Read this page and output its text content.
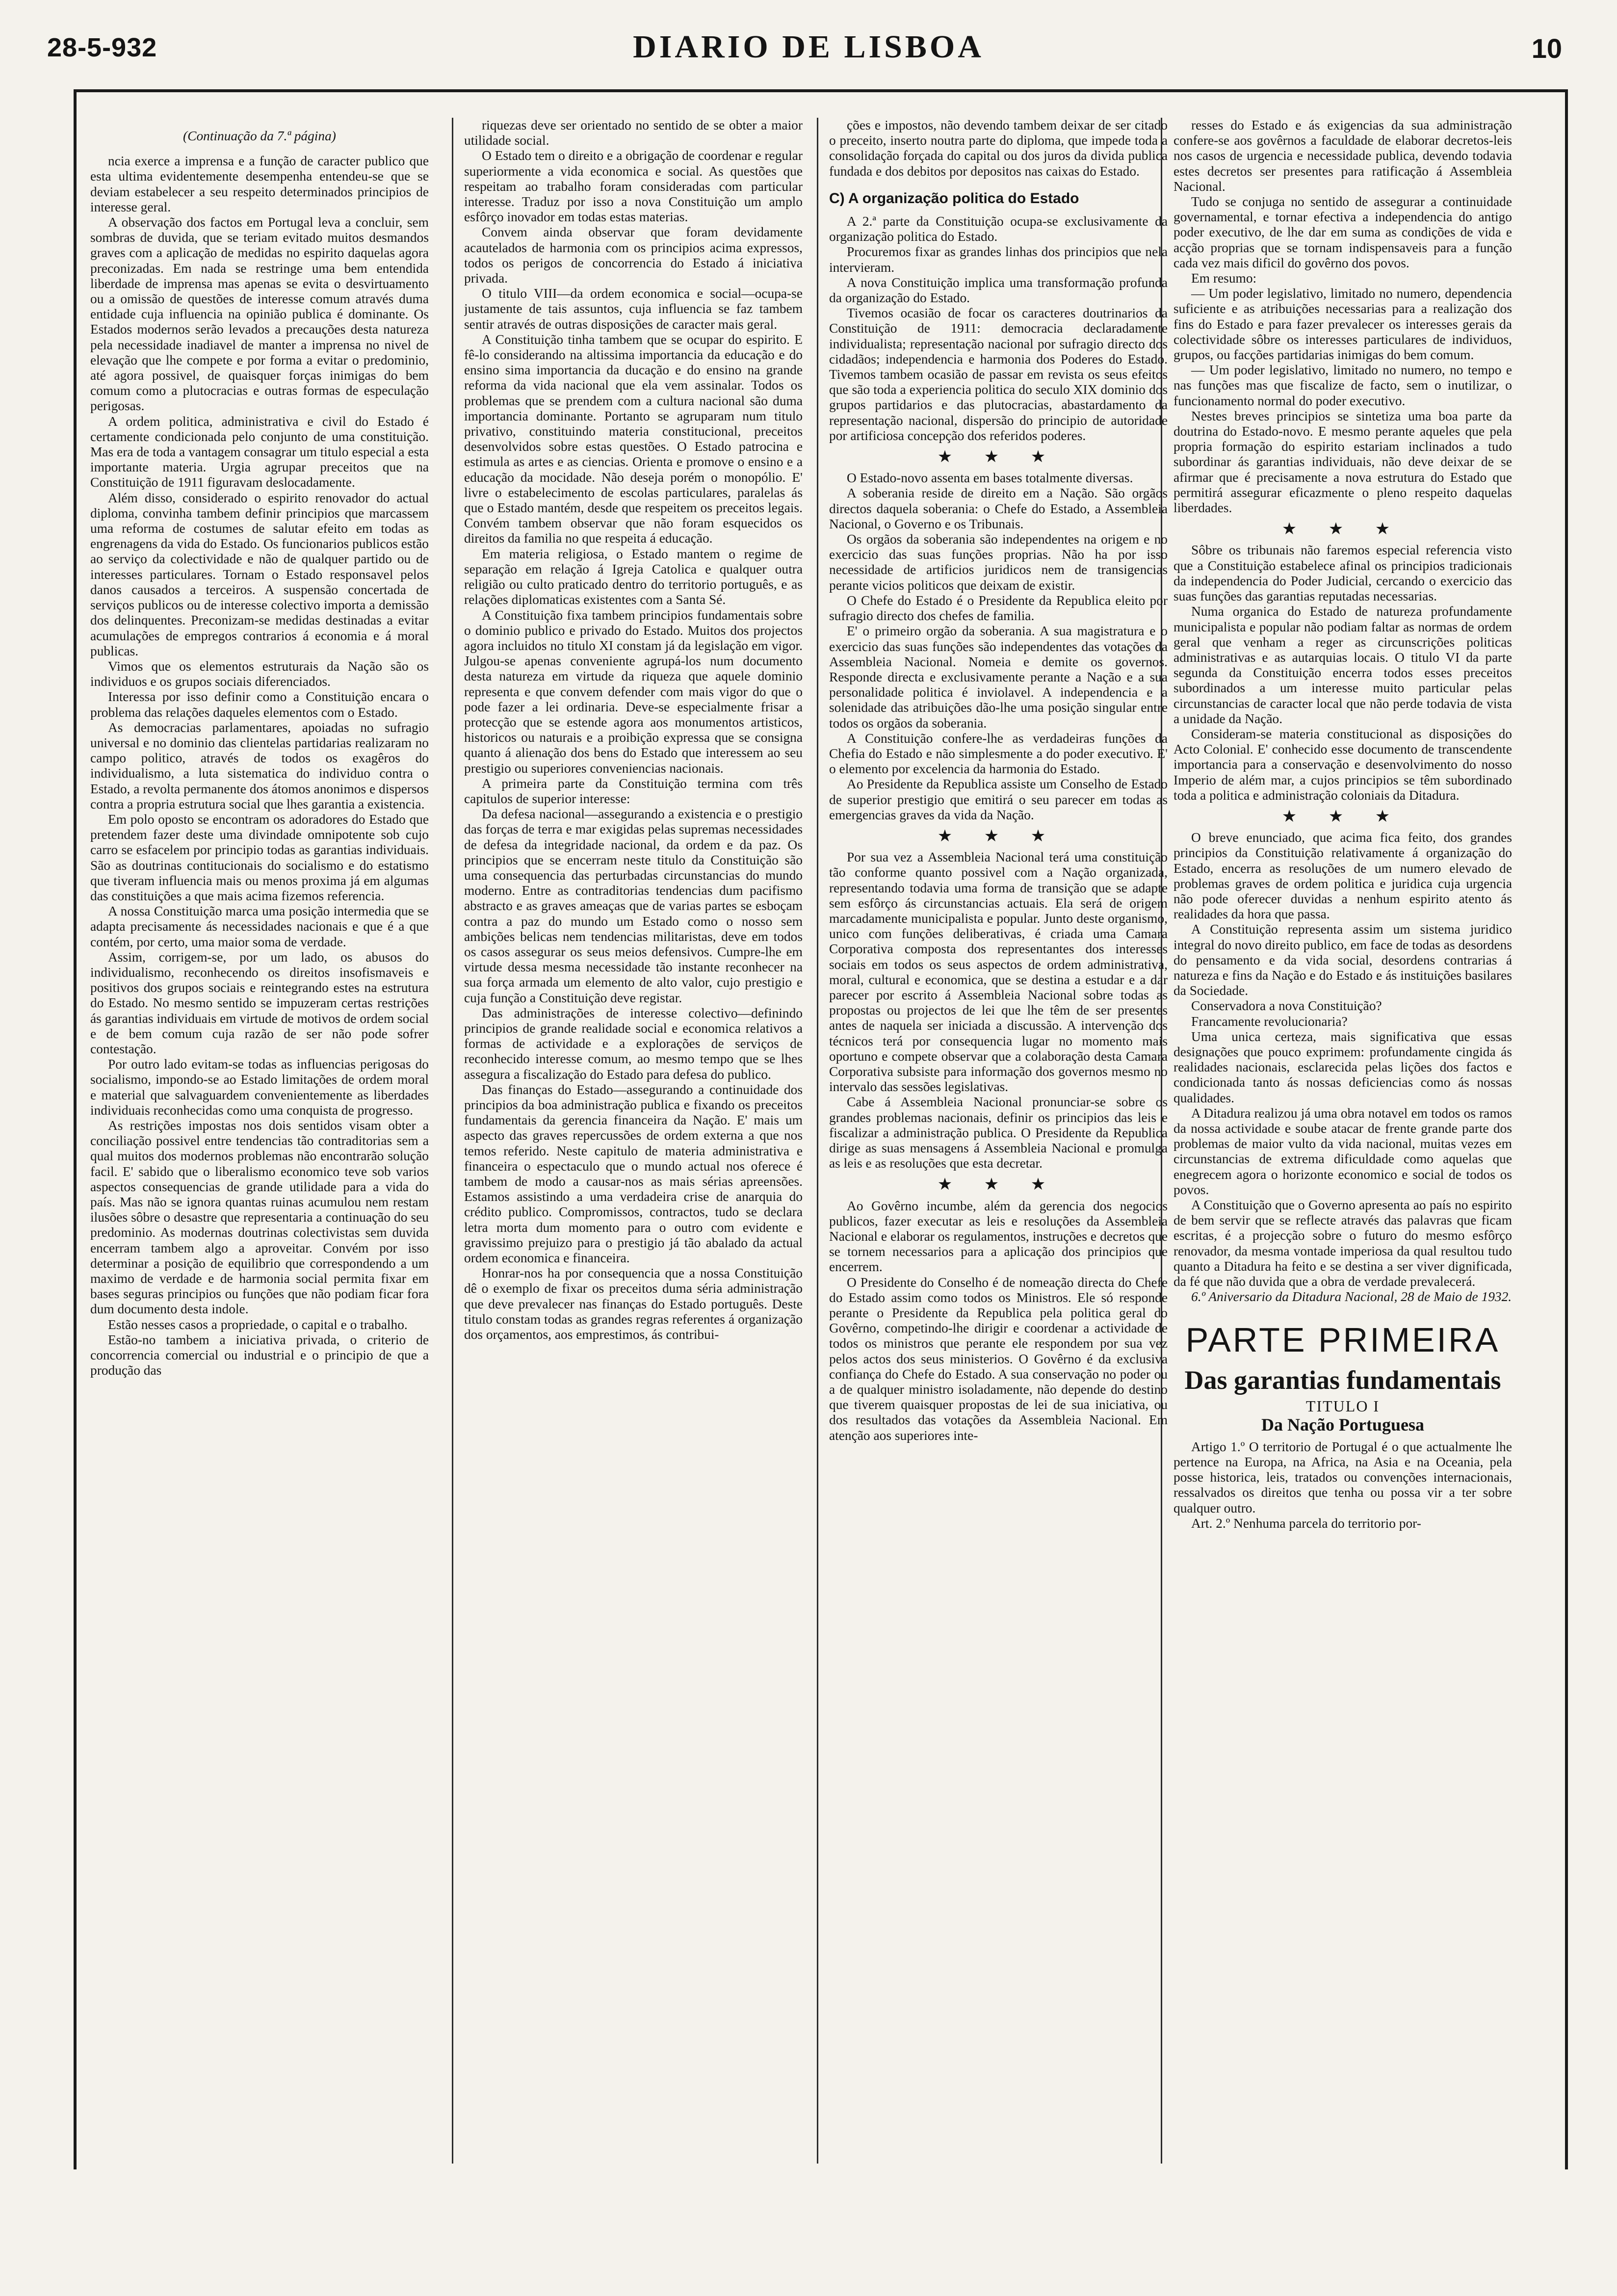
28-5-932	DIARIO DE LISBOA	10

(Continuação da 7.ª página)

ncia exerce a imprensa e a função de caracter publico que esta ultima evidentemente desempenha entendeu-se que se deviam estabelecer a seu respeito determinados principios de interesse geral.

A observação dos factos em Portugal leva a concluir, sem sombras de duvida, que se teriam evitado muitos desmandos graves com a aplicação de medidas no espirito daquelas agora preconizadas. Em nada se restringe uma bem entendida liberdade de imprensa mas apenas se evita o desvirtuamento ou a omissão de questões de interesse comum através duma entidade cuja influencia na opinião publica é dominante. Os Estados modernos serão levados a precauções desta natureza pela necessidade inadiavel de manter a imprensa no nivel de elevação que lhe compete e por forma a evitar o predominio, até agora possivel, de quaisquer forças inimigas do bem comum como a plutocracias e outras formas de especulação perigosas.

A ordem politica, administrativa e civil do Estado é certamente condicionada pelo conjunto de uma constituição. Mas era de toda a vantagem consagrar um titulo especial a esta importante materia. Urgia agrupar preceitos que na Constituição de 1911 figuravam deslocadamente.

Além disso, considerado o espirito renovador do actual diploma, convinha tambem definir principios que marcassem uma reforma de costumes de salutar efeito em todas as engrenagens da vida do Estado. Os funcionarios publicos estão ao serviço da colectividade e não de qualquer partido ou de interesses particulares. Tornam o Estado responsavel pelos danos causados a terceiros. A suspensão concertada de serviços publicos ou de interesse colectivo importa a demissão dos delinquentes. Preconizam-se medidas destinadas a evitar acumulações de empregos contrarios á economia e á moral publicas.

Vimos que os elementos estruturais da Nação são os individuos e os grupos sociais diferenciados.

Interessa por isso definir como a Constituição encara o problema das relações daqueles elementos com o Estado.

As democracias parlamentares, apoiadas no sufragio universal e no dominio das clientelas partidarias realizaram no campo politico, através de todos os exagêros do individualismo, a luta sistematica do individuo contra o Estado, a revolta permanente dos átomos anonimos e dispersos contra a propria estrutura social que lhes garantia a existencia.

Em polo oposto se encontram os adoradores do Estado que pretendem fazer deste uma divindade omnipotente sob cujo carro se esfacelem por principio todas as garantias individuais. São as doutrinas contitucionais do socialismo e do estatismo que tiveram influencia mais ou menos proxima já em algumas das constituições a que mais acima fizemos referencia.

A nossa Constituição marca uma posição intermedia que se adapta precisamente ás necessidades nacionais e que é a que contém, por certo, uma maior soma de verdade.

Assim, corrigem-se, por um lado, os abusos do individualismo, reconhecendo os direitos insofismaveis e positivos dos grupos sociais e reintegrando estes na estrutura do Estado. No mesmo sentido se impuzeram certas restrições ás garantias individuais em virtude de motivos de ordem social e de bem comum cuja razão de ser não pode sofrer contestação.

Por outro lado evitam-se todas as influencias perigosas do socialismo, impondo-se ao Estado limitações de ordem moral e material que salvaguardem convenientemente as liberdades individuais reconhecidas como uma conquista de progresso.

As restrições impostas nos dois sentidos visam obter a conciliação possivel entre tendencias tão contraditorias sem a qual muitos dos modernos problemas não encontrarão solução facil. E' sabido que o liberalismo economico teve sob varios aspectos consequencias de grande utilidade para a vida do país. Mas não se ignora quantas ruinas acumulou nem restam ilusões sôbre o desastre que representaria a continuação do seu predominio. As modernas doutrinas colectivistas sem duvida encerram tambem algo a aproveitar. Convém por isso determinar a posição de equilibrio que correspondendo a um maximo de verdade e de harmonia social permita fixar em bases seguras principios ou funções que não podiam ficar fora dum documento desta indole.

Estão nesses casos a propriedade, o capital e o trabalho.

Estão-no tambem a iniciativa privada, o criterio de concorrencia comercial ou industrial e o principio de que a produção das

riquezas deve ser orientado no sentido de se obter a maior utilidade social.

O Estado tem o direito e a obrigação de coordenar e regular superiormente a vida economica e social. As questões que respeitam ao trabalho foram consideradas com particular interesse. Traduz por isso a nova Constituição um amplo esfôrço inovador em todas estas materias.

Convem ainda observar que foram devidamente acautelados de harmonia com os principios acima expressos, todos os perigos de concorrencia do Estado á iniciativa privada.

O titulo VIII—da ordem economica e social—ocupa-se justamente de tais assuntos, cuja influencia se faz tambem sentir através de outras disposições de caracter mais geral.

A Constituição tinha tambem que se ocupar do espirito. E fê-lo considerando na altissima importancia da educação e do ensino sima importancia da ducação e do ensino na grande reforma da vida nacional que ela vem assinalar. Todos os problemas que se prendem com a cultura nacional são duma importancia dominante. Portanto se agruparam num titulo privativo, constituindo materia constitucional, preceitos desenvolvidos sobre estas questões. O Estado patrocina e estimula as artes e as ciencias. Orienta e promove o ensino e a educação da mocidade. Não deseja porém o monopólio. E' livre o estabelecimento de escolas particulares, paralelas ás que o Estado mantém, desde que respeitem os preceitos legais. Convém tambem observar que não foram esquecidos os direitos da familia no que respeita á educação.

Em materia religiosa, o Estado mantem o regime de separação em relação á Igreja Catolica e qualquer outra religião ou culto praticado dentro do territorio português, e as relações diplomaticas existentes com a Santa Sé.

A Constituição fixa tambem principios fundamentais sobre o dominio publico e privado do Estado. Muitos dos projectos agora incluidos no titulo XI constam já da legislação em vigor. Julgou-se apenas conveniente agrupá-los num documento desta natureza em virtude da riqueza que aquele dominio representa e que convem defender com mais vigor do que o pode fazer a lei ordinaria. Deve-se especialmente frisar a protecção que se estende agora aos monumentos artisticos, historicos ou naturais e a proibição expressa que se consigna quanto á alienação dos bens do Estado que interessem ao seu prestigio ou superiores conveniencias nacionais.

A primeira parte da Constituição termina com três capitulos de superior interesse:

Da defesa nacional—assegurando a existencia e o prestigio das forças de terra e mar exigidas pelas supremas necessidades de defesa da integridade nacional, da ordem e da paz. Os principios que se encerram neste titulo da Constituição são uma consequencia das perturbadas circunstancias do mundo moderno. Entre as contraditorias tendencias dum pacifismo abstracto e as graves ameaças que de varias partes se esboçam contra a paz do mundo um Estado como o nosso sem ambições belicas nem tendencias militaristas, deve em todos os casos assegurar os seus meios defensivos. Cumpre-lhe em virtude dessa mesma necessidade tão instante reconhecer na sua força armada um elemento de alto valor, cujo prestigio e cuja função a Constituição deve registar.

Das administrações de interesse colectivo—definindo principios de grande realidade social e economica relativos a formas de actividade e a explorações de serviços de reconhecido interesse comum, ao mesmo tempo que se lhes assegura a fiscalização do Estado para defesa do publico.

Das finanças do Estado—assegurando a continuidade dos principios da boa administração publica e fixando os preceitos fundamentais da gerencia financeira da Nação. E' mais um aspecto das graves repercussões de ordem externa a que nos temos referido. Neste capitulo de materia administrativa e financeira o espectaculo que o mundo actual nos oferece é tambem de modo a causar-nos as mais sérias apreensões. Estamos assistindo a uma verdadeira crise de anarquia do crédito publico. Compromissos, contractos, tudo se declara letra morta dum momento para o outro com evidente e gravissimo prejuizo para o prestigio já tão abalado da actual ordem economica e financeira.

Honrar-nos ha por consequencia que a nossa Constituição dê o exemplo de fixar os preceitos duma séria administração que deve prevalecer nas finanças do Estado português. Deste titulo constam todas as grandes regras referentes á organização dos orçamentos, aos emprestimos, ás contribui-

ções e impostos, não devendo tambem deixar de ser citado o preceito, inserto noutra parte do diploma, que impede toda a consolidação forçada do capital ou dos juros da divida publica fundada e dos debitos por depositos nas caixas do Estado.

C) A organização politica do Estado

A 2.ª parte da Constituição ocupa-se exclusivamente da organização politica do Estado.

Procuremos fixar as grandes linhas dos principios que nela intervieram.

A nova Constituição implica uma transformação profunda da organização do Estado.

Tivemos ocasião de focar os caracteres doutrinarios da Constituição de 1911: democracia declaradamente individualista; representação nacional por sufragio directo dos cidadãos; independencia e harmonia dos Poderes do Estado. Tivemos tambem ocasião de passar em revista os seus efeitos que são toda a experiencia politica do seculo XIX dominio dos grupos partidarios e das plutocracias, abastardamento da representação nacional, dispersão do principio de autoridade por artificiosa concepção dos referidos poderes.

★ ★ ★

O Estado-novo assenta em bases totalmente diversas.

A soberania reside de direito em a Nação. São orgãos directos daquela soberania: o Chefe do Estado, a Assembleia Nacional, o Governo e os Tribunais.

Os orgãos da soberania são independentes na origem e no exercicio das suas funções proprias. Não ha por isso necessidade de artificios juridicos nem de transigencias perante vicios politicos que deixam de existir.

O Chefe do Estado é o Presidente da Republica eleito por sufragio directo dos chefes de familia.

E' o primeiro orgão da soberania. A sua magistratura e o exercicio das suas funções são independentes das votações da Assembleia Nacional. Nomeia e demite os governos. Responde directa e exclusivamente perante a Nação e a sua personalidade politica é inviolavel. A independencia e a solenidade das atribuições dão-lhe uma posição singular entre todos os orgãos da soberania.

A Constituição confere-lhe as verdadeiras funções da Chefia do Estado e não simplesmente a do poder executivo. E' o elemento por excelencia da harmonia do Estado.

Ao Presidente da Republica assiste um Conselho de Estado de superior prestigio que emitirá o seu parecer em todas as emergencias graves da vida da Nação.

★ ★ ★

Por sua vez a Assembleia Nacional terá uma constituição tão conforme quanto possivel com a Nação organizada, representando todavia uma forma de transição que se adapte sem esfôrço ás circunstancias actuais. Ela será de origem marcadamente municipalista e popular. Junto deste organismo, unico com funções deliberativas, é criada uma Camara Corporativa composta dos representantes dos interesses sociais em todos os seus aspectos de ordem administrativa, moral, cultural e economica, que se destina a estudar e a dar parecer por escrito á Assembleia Nacional sobre todas as propostas ou projectos de lei que lhe têm de ser presentes antes de naquela ser iniciada a discussão. A intervenção dos técnicos terá por consequencia lugar no momento mais oportuno e compete observar que a colaboração desta Camara Corporativa subsiste para informação dos governos mesmo no intervalo das sessões legislativas.

Cabe á Assembleia Nacional pronunciar-se sobre os grandes problemas nacionais, definir os principios das leis e fiscalizar a administração publica. O Presidente da Republica dirige as suas mensagens á Assembleia Nacional e promulga as leis e as resoluções que esta decretar.

★ ★ ★

Ao Govêrno incumbe, além da gerencia dos negocios publicos, fazer executar as leis e resoluções da Assembleia Nacional e elaborar os regulamentos, instruções e decretos que se tornem necessarios para a aplicação dos principios que encerrem.

O Presidente do Conselho é de nomeação directa do Chefe do Estado assim como todos os Ministros. Ele só responde perante o Presidente da Republica pela politica geral do Govêrno, competindo-lhe dirigir e coordenar a actividade de todos os ministros que perante ele respondem por sua vez pelos actos dos seus ministerios. O Govêrno é da exclusiva confiança do Chefe do Estado. A sua conservação no poder ou a de qualquer ministro isoladamente, não depende do destino que tiverem quaisquer propostas de lei de sua iniciativa, ou dos resultados das votações da Assembleia Nacional. Em atenção aos superiores inte-

resses do Estado e ás exigencias da sua administração confere-se aos govêrnos a faculdade de elaborar decretos-leis nos casos de urgencia e necessidade publica, devendo todavia estes decretos ser presentes para ratificação á Assembleia Nacional.

Tudo se conjuga no sentido de assegurar a continuidade governamental, e tornar efectiva a independencia do antigo poder executivo, de lhe dar em suma as condições de vida e acção proprias que se tornam indispensaveis para a função cada vez mais dificil do govêrno dos povos.

Em resumo:

— Um poder legislativo, limitado no numero, dependencia suficiente e as atribuições necessarias para a realização dos fins do Estado e para fazer prevalecer os interesses gerais da colectividade sôbre os interesses particulares de individuos, grupos, ou facções partidarias inimigas do bem comum.

— Um poder legislativo, limitado no numero, no tempo e nas funções mas que fiscalize de facto, sem o inutilizar, o funcionamento normal do poder executivo.

Nestes breves principios se sintetiza uma boa parte da doutrina do Estado-novo. E mesmo perante aqueles que pela propria formação do espirito estariam inclinados a tudo subordinar ás garantias individuais, não deve deixar de se afirmar que é precisamente a nova estrutura do Estado que permitirá assegurar eficazmente o pleno respeito daquelas liberdades.

★ ★ ★

Sôbre os tribunais não faremos especial referencia visto que a Constituição estabelece afinal os principios tradicionais da independencia do Poder Judicial, cercando o exercicio das suas funções das garantias reputadas necessarias.

Numa organica do Estado de natureza profundamente municipalista e popular não podiam faltar as normas de ordem geral que venham a reger as circunscrições politicas administrativas e as autarquias locais. O titulo VI da parte segunda da Constituição encerra todos esses preceitos subordinados a um interesse muito particular pelas circunstancias de caracter local que não perde todavia de vista a unidade da Nação.

Consideram-se materia constitucional as disposições do Acto Colonial. E' conhecido esse documento de transcendente importancia para a conservação e desenvolvimento do nosso Imperio de além mar, a cujos principios se têm subordinado toda a politica e administração coloniais da Ditadura.

★ ★ ★

O breve enunciado, que acima fica feito, dos grandes principios da Constituição relativamente á organização do Estado, encerra as resoluções de um numero elevado de problemas graves de ordem politica e juridica cuja urgencia não pode oferecer duvidas a nenhum espirito atento ás realidades da hora que passa.

A Constituição representa assim um sistema juridico integral do novo direito publico, em face de todas as desordens do pensamento e da vida social, desordens contrarias á natureza e fins da Nação e do Estado e ás instituições basilares da Sociedade.

Conservadora a nova Constituição?

Francamente revolucionaria?

Uma unica certeza, mais significativa que essas designações que pouco exprimem: profundamente cingida ás realidades nacionais, esclarecida pelas lições dos factos e condicionada tanto ás nossas deficiencias como ás nossas qualidades.

A Ditadura realizou já uma obra notavel em todos os ramos da nossa actividade e soube atacar de frente grande parte dos problemas de maior vulto da vida nacional, muitas vezes em circunstancias de extrema dificuldade como aquelas que enegrecem agora o horizonte economico e social de todos os povos.

A Constituição que o Governo apresenta ao país no espirito de bem servir que se reflecte através das palavras que ficam escritas, é a projecção sobre o futuro do mesmo esfôrço renovador, da mesma vontade imperiosa da qual resultou tudo quanto a Ditadura ha feito e se destina a ser viver dignificada, da fé que não duvida que a obra de verdade prevalecerá.

6.º Aniversario da Ditadura Nacional, 28 de Maio de 1932.

PARTE PRIMEIRA
Das garantias fundamentais
TITULO I
Da Nação Portuguesa

Artigo 1.º O territorio de Portugal é o que actualmente lhe pertence na Europa, na Africa, na Asia e na Oceania, pela posse historica, leis, tratados ou convenções internacionais, ressalvados os direitos que tenha ou possa vir a ter sobre qualquer outro.

Art. 2.º Nenhuma parcela do territorio por-
